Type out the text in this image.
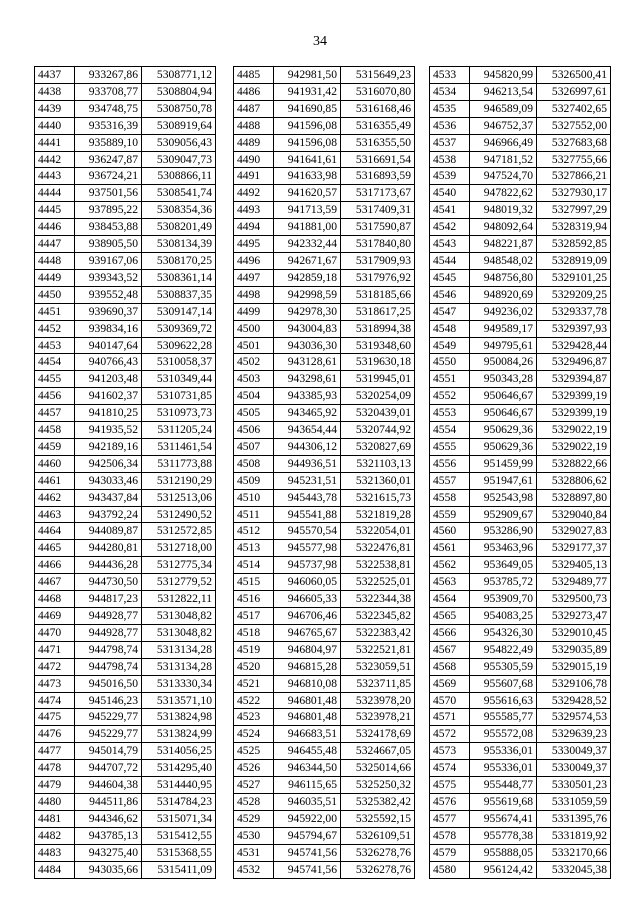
34
4437	933267,86	5308771,12
4438	933708,77	5308804,94
4439	934748,75	5308750,78
4440	935316,39	5308919,64
4441	935889,10	5309056,43
4442	936247,87	5309047,73
4443	936724,21	5308866,11
4444	937501,56	5308541,74
4445	937895,22	5308354,36
4446	938453,88	5308201,49
4447	938905,50	5308134,39
4448	939167,06	5308170,25
4449	939343,52	5308361,14
4450	939552,48	5308837,35
4451	939690,37	5309147,14
4452	939834,16	5309369,72
4453	940147,64	5309622,28
4454	940766,43	5310058,37
4455	941203,48	5310349,44
4456	941602,37	5310731,85
4457	941810,25	5310973,73
4458	941935,52	5311205,24
4459	942189,16	5311461,54
4460	942506,34	5311773,88
4461	943033,46	5312190,29
4462	943437,84	5312513,06
4463	943792,24	5312490,52
4464	944089,87	5312572,85
4465	944280,81	5312718,00
4466	944436,28	5312775,34
4467	944730,50	5312779,52
4468	944817,23	5312822,11
4469	944928,77	5313048,82
4470	944928,77	5313048,82
4471	944798,74	5313134,28
4472	944798,74	5313134,28
4473	945016,50	5313330,34
4474	945146,23	5313571,10
4475	945229,77	5313824,98
4476	945229,77	5313824,99
4477	945014,79	5314056,25
4478	944707,72	5314295,40
4479	944604,38	5314440,95
4480	944511,86	5314784,23
4481	944346,62	5315071,34
4482	943785,13	5315412,55
4483	943275,40	5315368,55
4484	943035,66	5315411,09
4485	942981,50	5315649,23
4486	941931,42	5316070,80
4487	941690,85	5316168,46
4488	941596,08	5316355,49
4489	941596,08	5316355,50
4490	941641,61	5316691,54
4491	941633,98	5316893,59
4492	941620,57	5317173,67
4493	941713,59	5317409,31
4494	941881,00	5317590,87
4495	942332,44	5317840,80
4496	942671,67	5317909,93
4497	942859,18	5317976,92
4498	942998,59	5318185,66
4499	942978,30	5318617,25
4500	943004,83	5318994,38
4501	943036,30	5319348,60
4502	943128,61	5319630,18
4503	943298,61	5319945,01
4504	943385,93	5320254,09
4505	943465,92	5320439,01
4506	943654,44	5320744,92
4507	944306,12	5320827,69
4508	944936,51	5321103,13
4509	945231,51	5321360,01
4510	945443,78	5321615,73
4511	945541,88	5321819,28
4512	945570,54	5322054,01
4513	945577,98	5322476,81
4514	945737,98	5322538,81
4515	946060,05	5322525,01
4516	946605,33	5322344,38
4517	946706,46	5322345,82
4518	946765,67	5322383,42
4519	946804,97	5322521,81
4520	946815,28	5323059,51
4521	946810,08	5323711,85
4522	946801,48	5323978,20
4523	946801,48	5323978,21
4524	946683,51	5324178,69
4525	946455,48	5324667,05
4526	946344,50	5325014,66
4527	946115,65	5325250,32
4528	946035,51	5325382,42
4529	945922,00	5325592,15
4530	945794,67	5326109,51
4531	945741,56	5326278,76
4532	945741,56	5326278,76
4533	945820,99	5326500,41
4534	946213,54	5326997,61
4535	946589,09	5327402,65
4536	946752,37	5327552,00
4537	946966,49	5327683,68
4538	947181,52	5327755,66
4539	947524,70	5327866,21
4540	947822,62	5327930,17
4541	948019,32	5327997,29
4542	948092,64	5328319,94
4543	948221,87	5328592,85
4544	948548,02	5328919,09
4545	948756,80	5329101,25
4546	948920,69	5329209,25
4547	949236,02	5329337,78
4548	949589,17	5329397,93
4549	949795,61	5329428,44
4550	950084,26	5329496,87
4551	950343,28	5329394,87
4552	950646,67	5329399,19
4553	950646,67	5329399,19
4554	950629,36	5329022,19
4555	950629,36	5329022,19
4556	951459,99	5328822,66
4557	951947,61	5328806,62
4558	952543,98	5328897,80
4559	952909,67	5329040,84
4560	953286,90	5329027,83
4561	953463,96	5329177,37
4562	953649,05	5329405,13
4563	953785,72	5329489,77
4564	953909,70	5329500,73
4565	954083,25	5329273,47
4566	954326,30	5329010,45
4567	954822,49	5329035,89
4568	955305,59	5329015,19
4569	955607,68	5329106,78
4570	955616,63	5329428,52
4571	955585,77	5329574,53
4572	955572,08	5329639,23
4573	955336,01	5330049,37
4574	955336,01	5330049,37
4575	955448,77	5330501,23
4576	955619,68	5331059,59
4577	955674,41	5331395,76
4578	955778,38	5331819,92
4579	955888,05	5332170,66
4580	956124,42	5332045,38
